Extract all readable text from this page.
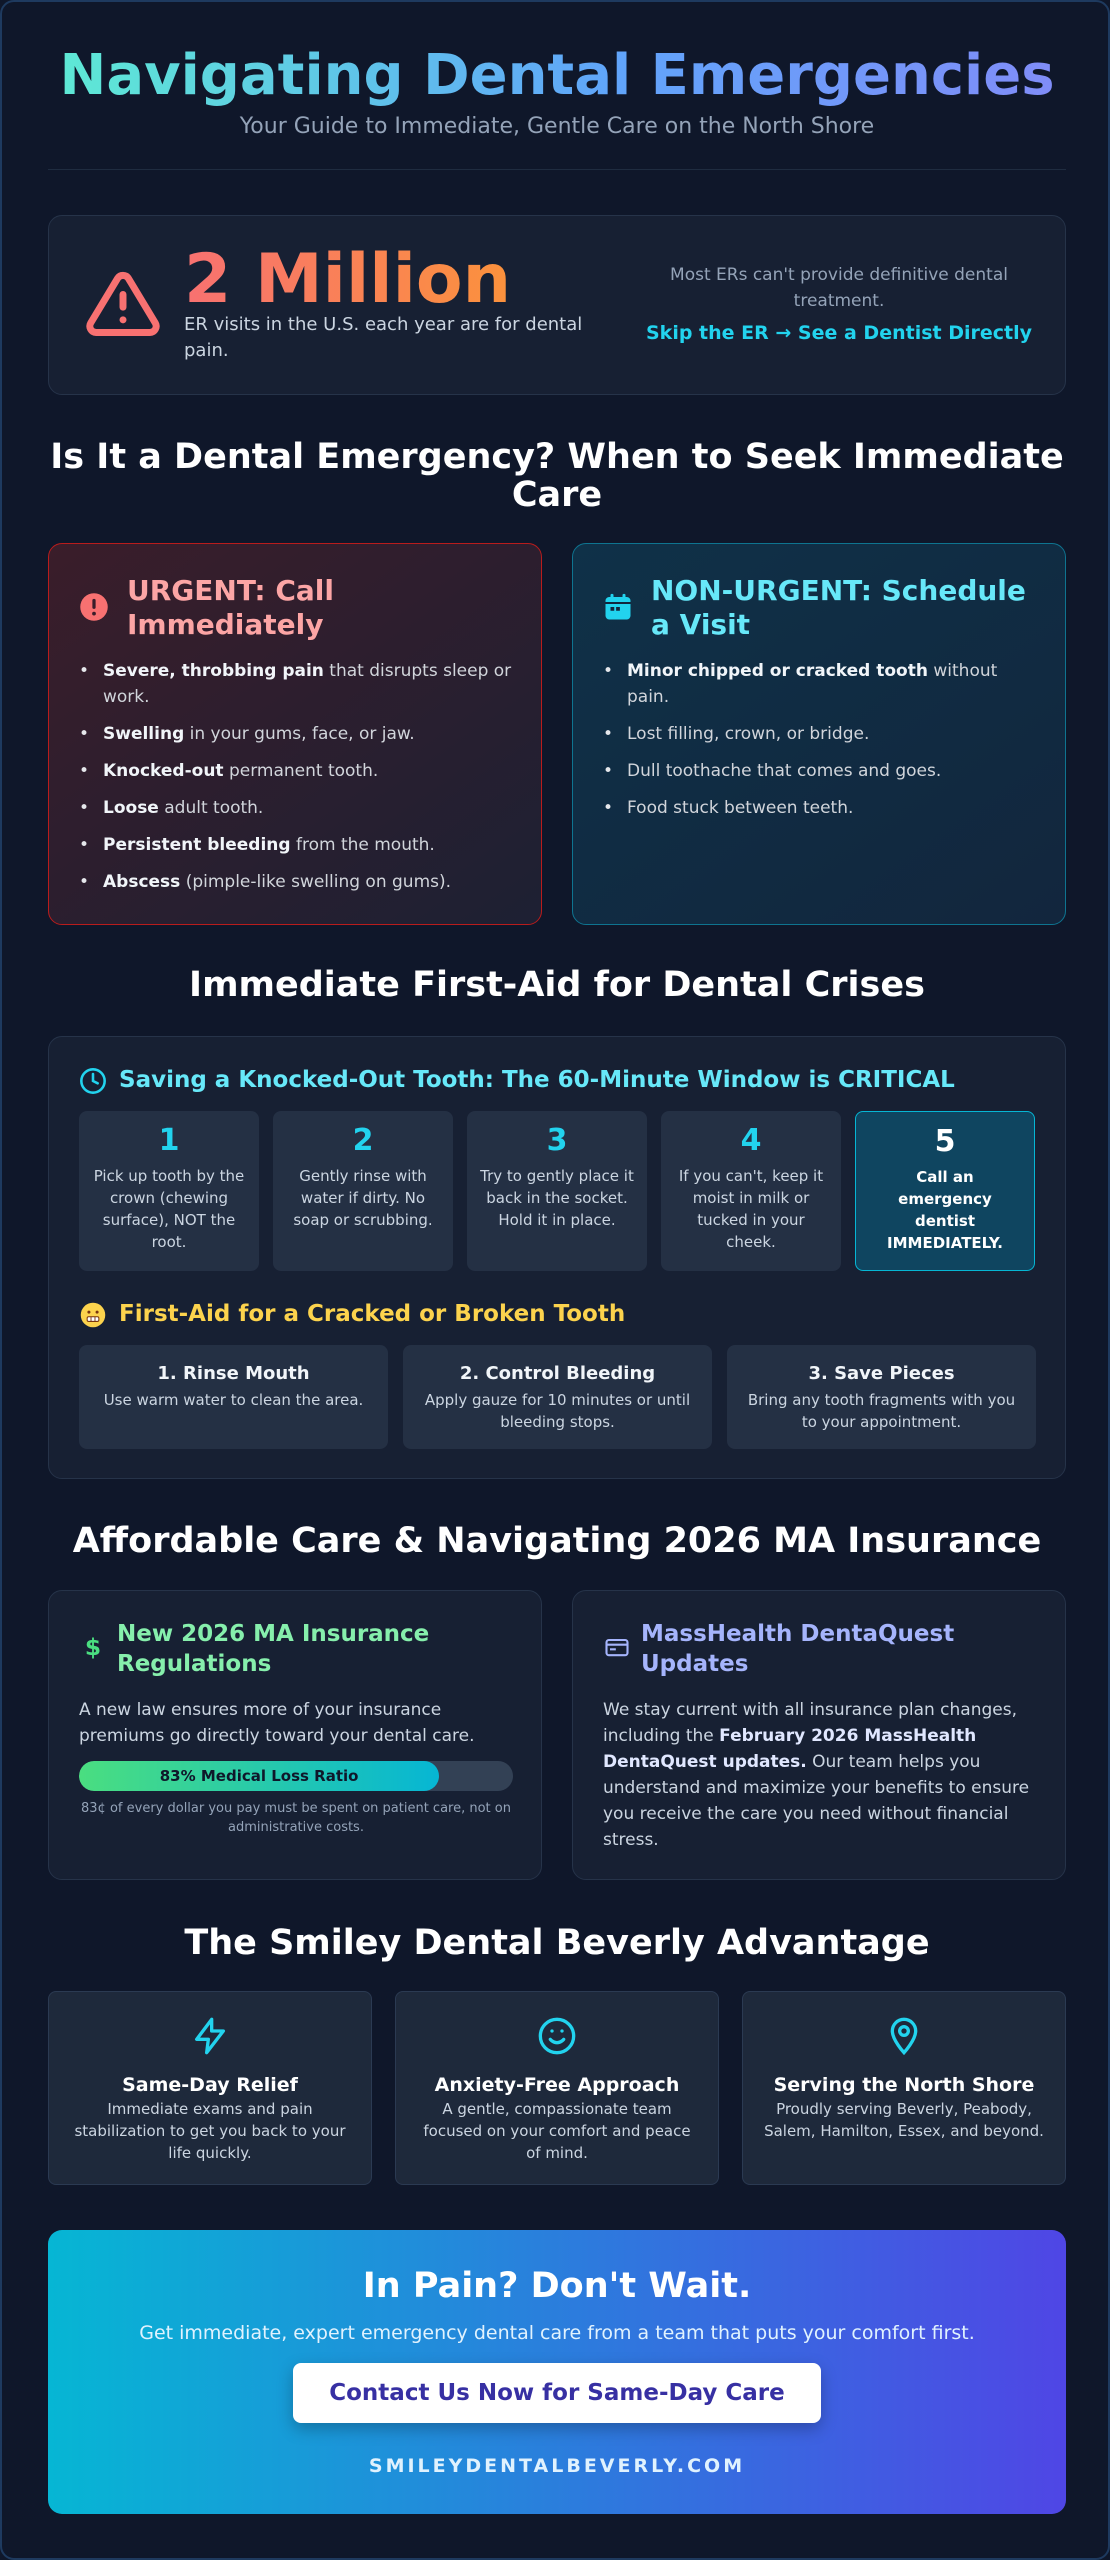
Navigating Dental Emergencies
Your Guide to Immediate, Gentle Care on the North Shore
2 Million
ER visits in the U.S. each year are for dental pain.
Most ERs can't provide definitive dental treatment.
Skip the ER → See a Dentist Directly
Is It a Dental Emergency? When to Seek Immediate Care
URGENT: Call Immediately
• Severe, throbbing pain that disrupts sleep or work.
• Swelling in your gums, face, or jaw.
• Knocked-out permanent tooth.
• Loose adult tooth.
• Persistent bleeding from the mouth.
• Abscess (pimple-like swelling on gums).
NON-URGENT: Schedule a Visit
• Minor chipped or cracked tooth without pain.
• Lost filling, crown, or bridge.
• Dull toothache that comes and goes.
• Food stuck between teeth.
Immediate First-Aid for Dental Crises
Saving a Knocked-Out Tooth: The 60-Minute Window is CRITICAL
1
Pick up tooth by the crown (chewing surface), NOT the root.
2
Gently rinse with water if dirty. No soap or scrubbing.
3
Try to gently place it back in the socket. Hold it in place.
4
If you can't, keep it moist in milk or tucked in your cheek.
5
Call an emergency dentist IMMEDIATELY.
First-Aid for a Cracked or Broken Tooth
1. Rinse Mouth
Use warm water to clean the area.
2. Control Bleeding
Apply gauze for 10 minutes or until bleeding stops.
3. Save Pieces
Bring any tooth fragments with you to your appointment.
Affordable Care & Navigating 2026 MA Insurance
$ New 2026 MA Insurance Regulations
A new law ensures more of your insurance premiums go directly toward your dental care.
83% Medical Loss Ratio
83¢ of every dollar you pay must be spent on patient care, not on administrative costs.
MassHealth DentaQuest Updates
We stay current with all insurance plan changes, including the February 2026 MassHealth DentaQuest updates. Our team helps you understand and maximize your benefits to ensure you receive the care you need without financial stress.
The Smiley Dental Beverly Advantage
Same-Day Relief
Immediate exams and pain stabilization to get you back to your life quickly.
Anxiety-Free Approach
A gentle, compassionate team focused on your comfort and peace of mind.
Serving the North Shore
Proudly serving Beverly, Peabody, Salem, Hamilton, Essex, and beyond.
In Pain? Don't Wait.
Get immediate, expert emergency dental care from a team that puts your comfort first.
Contact Us Now for Same-Day Care
SMILEYDENTALBEVERLY.COM
